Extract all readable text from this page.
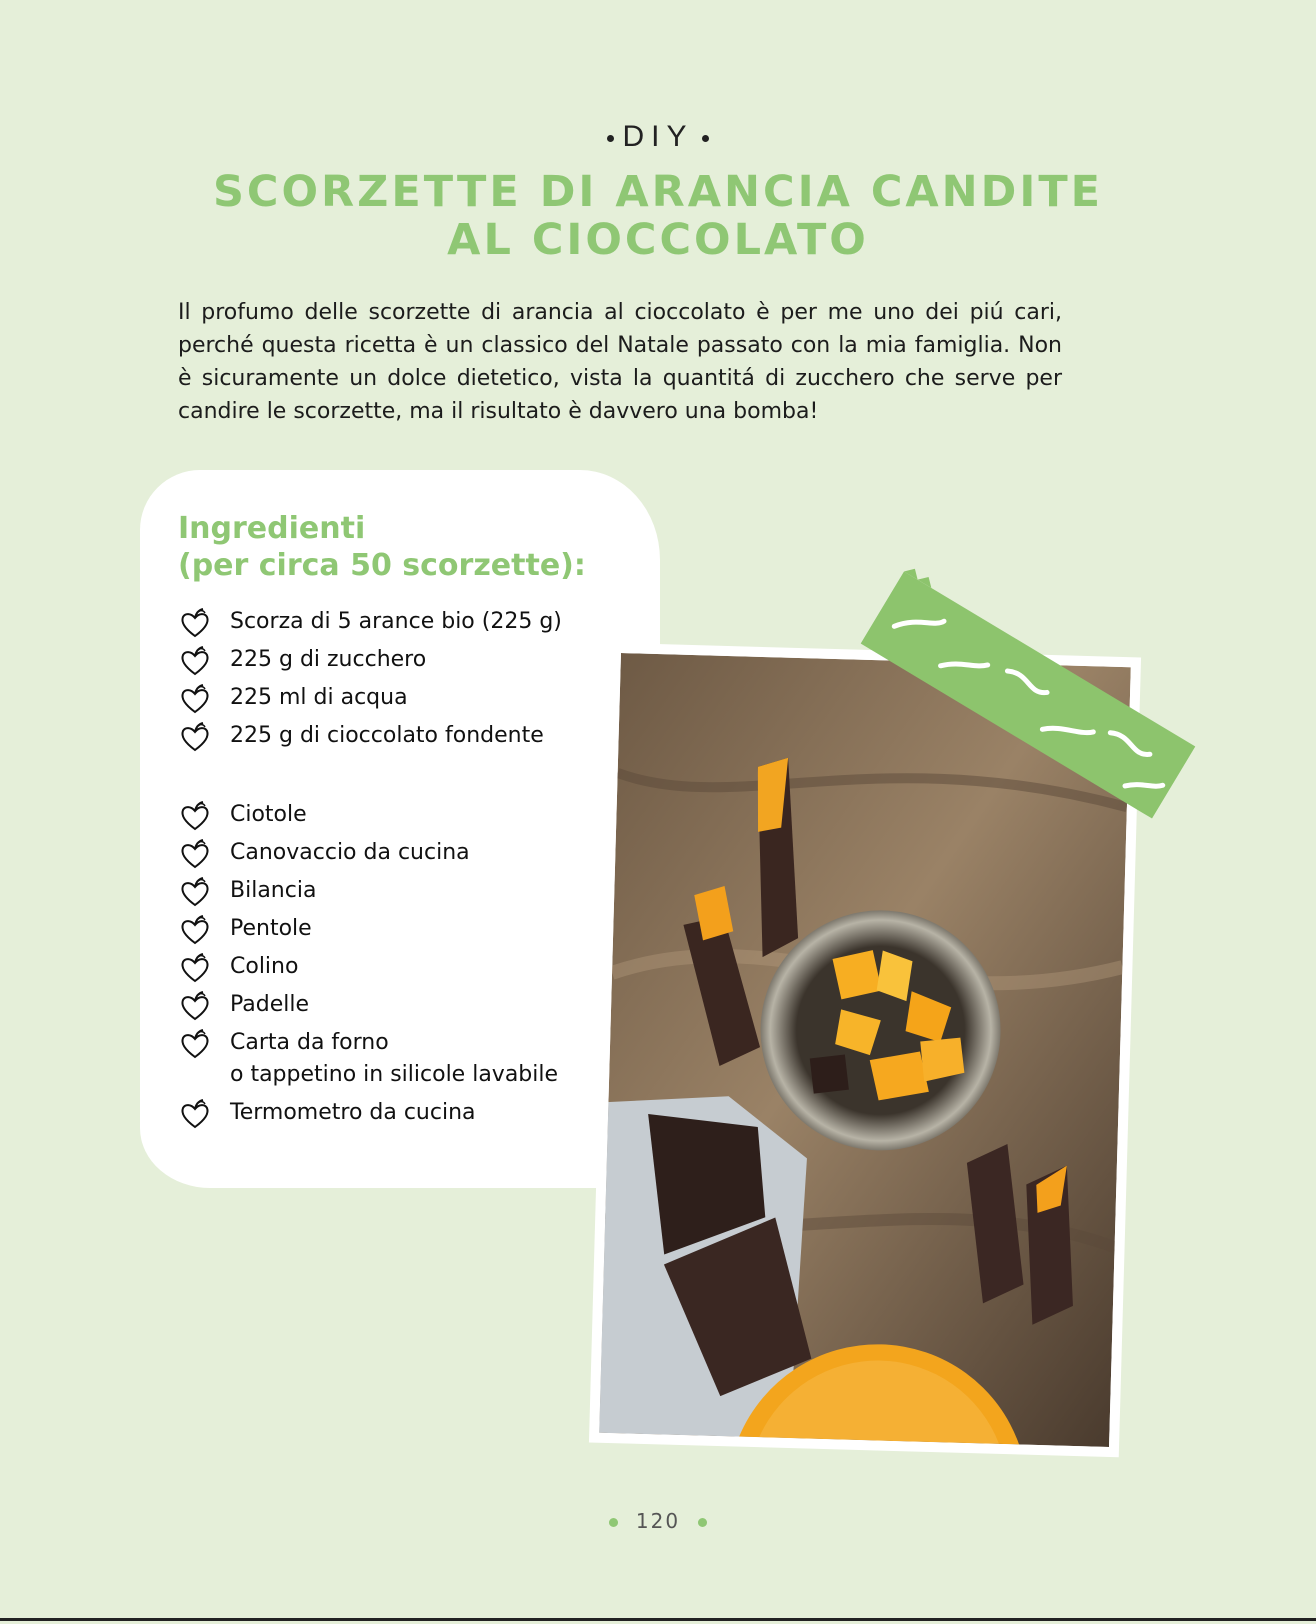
DIY
SCORZETTE DI ARANCIA CANDITE
AL CIOCCOLATO

Il profumo delle scorzette di arancia al cioccolato è per me uno dei piú cari, perché questa ricetta è un classico del Natale passato con la mia famiglia. Non è sicuramente un dolce dietetico, vista la quantitá di zucchero che serve per candire le scorzette, ma il risultato è davvero una bomba!

Ingredienti
(per circa 50 scorzette):
Scorza di 5 arance bio (225 g)
225 g di zucchero
225 ml di acqua
225 g di cioccolato fondente
Ciotole
Canovaccio da cucina
Bilancia
Pentole
Colino
Padelle
Carta da forno
o tappetino in silicole lavabile
Termometro da cucina
120
